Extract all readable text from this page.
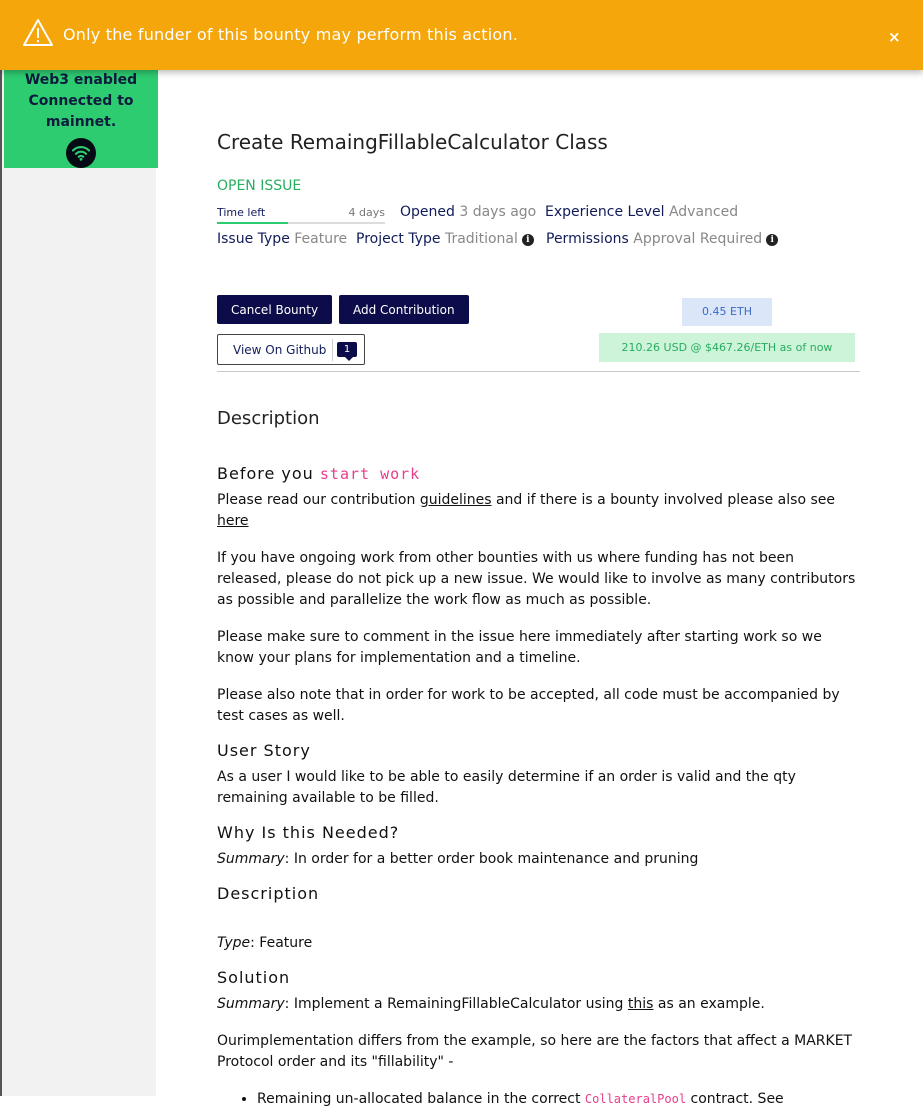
Web3 enabled
Connected to
mainnet.
Only the funder of this bounty may perform this action.	×
Create RemaingFillableCalculator Class
OPEN ISSUE
Time left	4 days Opened 3 days ago Experience Level Advanced
Issue Type Feature Project Type Traditional i	Permissions Approval Required i
Cancel Bounty	Add Contribution
View On Github	1
0.45 ETH
210.26 USD @ $467.26/ETH as of now
Description
Before you start work

Please read our contribution guidelines and if there is a bounty involved please also see here

If you have ongoing work from other bounties with us where funding has not been released, please do not pick up a new issue. We would like to involve as many contributors as possible and parallelize the work flow as much as possible.

Please make sure to comment in the issue here immediately after starting work so we know your plans for implementation and a timeline.

Please also note that in order for work to be accepted, all code must be accompanied by test cases as well.

User Story

As a user I would like to be able to easily determine if an order is valid and the qty remaining available to be filled.

Why Is this Needed?

Summary: In order for a better order book maintenance and pruning

Description

Type: Feature

Solution

Summary: Implement a RemainingFillableCalculator using this as an example.

Ourimplementation differs from the example, so here are the factors that affect a MARKET Protocol order and its "fillability" -

• Remaining un-allocated balance in the correct CollateralPool contract. See
